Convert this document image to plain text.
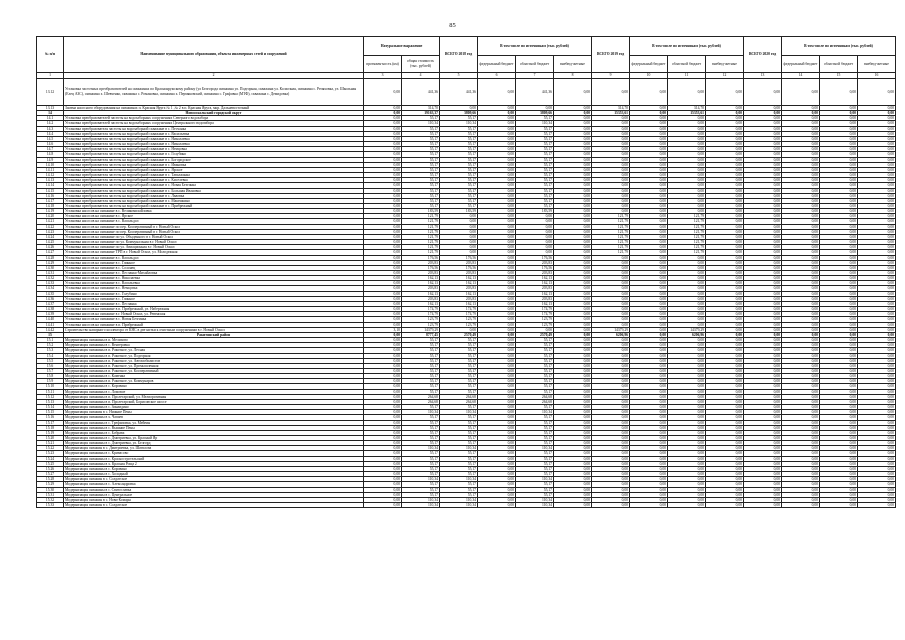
85
№ п/п	Наименование муниципального образования, объекта инженерных сетей и сооружений	Натуральное выражение		ВСЕГО 2018 год	В том числе по источникам (тыс. рублей)			ВСЕГО 2019 год	В том числе по источникам (тыс. рублей)			ВСЕГО 2020 год	В том числе по источникам (тыс. рублей)		
		протяжен-ность (км)	общая стоимость (тыс. рублей)		федеральный бюджет	областной бюджет	внебюд-жетные		федеральный бюджет	областной бюджет	внебюд-жетные		федеральный бюджет	областной бюджет	внебюд-жетные
1	2	3	4	5	6	7	8	9	10	11	12	13	14	15	16
13.12	Установка частотных преобразователей на скважинах по Краснояружскому району (ул Белгорода скважина ул. Подгорная, скважина ул. Колхозная, скважина с. Репяховка, ул. Школьная (Елец АЗС), скважина х. Шевченко, скважина с. Романовка, скважина х. Пермяковский, скважина с. Графовка (МТФ), скважина с. Демидовка)	0,00	441,36	441,36	0,00	441,36	0,00	0,00	0,00	0,00	0,00	0,00	0,00	0,00	0,00
13.13	Замена насосного оборудования на скважинах п. Красная Яруга № 1 ,№ 2 в п. Красная Яруга, мкр. Дальневосточный	0,00	314,70	0,00	0,00	0,00	0,00	314,70	0,00	314,70	0,00	0,00	0,00	0,00	0,00
14	Новооскольский городской округ	0,00	19163,37	3809,66	0,00	3809,66	0,00	15353,61	0,00	15353,61	0,00	0,00	0,00	0,00	0,00
14.1	Установка преобразователей частоты на водозаборных сооружениях Северного водозабора	0,00	55,17	55,17	0,00	55,17	0,00	0,00	0,00	0,00	0,00	0,00	0,00	0,00	0,00
14.2	Установка преобразователей частоты на водозаборных сооружениях Центрального водозабора	0,00	110,34	110,34	0,00	110,34	0,00	0,00	0,00	0,00	0,00	0,00	0,00	0,00	0,00
14.3	Установка преобразователя частоты на водозаборной скважине в с. Песчанка	0,00	55,17	55,17	0,00	55,17	0,00	0,00	0,00	0,00	0,00	0,00	0,00	0,00	0,00
14.4	Установка преобразователя частоты на водозаборной скважине в с. Васильевка	0,00	55,17	55,17	0,00	55,17	0,00	0,00	0,00	0,00	0,00	0,00	0,00	0,00	0,00
14.5	Установка преобразователя частоты на водозаборной скважине в с. Николаевка	0,00	55,17	55,17	0,00	55,17	0,00	0,00	0,00	0,00	0,00	0,00	0,00	0,00	0,00
14.6	Установка преобразователя частоты на водозаборной скважине в с. Николаевка	0,00	55,17	55,17	0,00	55,17	0,00	0,00	0,00	0,00	0,00	0,00	0,00	0,00	0,00
14.7	Установка преобразователя частоты на водозаборной скважине в с. Немцовка	0,00	55,17	55,17	0,00	55,17	0,00	0,00	0,00	0,00	0,00	0,00	0,00	0,00	0,00
14.8	Установка преобразователя частоты на водозаборной скважине в с. Голубино	0,00	55,17	55,17	0,00	55,17	0,00	0,00	0,00	0,00	0,00	0,00	0,00	0,00	0,00
14.9	Установка преобразователя частоты на водозаборной скважине в с. Богородское	0,00	55,17	55,17	0,00	55,17	0,00	0,00	0,00	0,00	0,00	0,00	0,00	0,00	0,00
14.10	Установка преобразователя частоты на водозаборной скважине в с. Ивановка	0,00	55,17	55,17	0,00	55,17	0,00	0,00	0,00	0,00	0,00	0,00	0,00	0,00	0,00
14.11	Установка преобразователя частоты на водозаборной скважине в с. Ярское	0,00	55,17	55,17	0,00	55,17	0,00	0,00	0,00	0,00	0,00	0,00	0,00	0,00	0,00
14.12	Установка преобразователя частоты на водозаборной скважине в с. Тавалжанка	0,00	55,17	55,17	0,00	55,17	0,00	0,00	0,00	0,00	0,00	0,00	0,00	0,00	0,00
14.13	Установка преобразователя частоты на водозаборной скважине в с. Киселевка	0,00	55,17	55,17	0,00	55,17	0,00	0,00	0,00	0,00	0,00	0,00	0,00	0,00	0,00
14.14	Установка преобразователя частоты на водозаборной скважине в с. Новая Безгинка	0,00	55,17	55,17	0,00	55,17	0,00	0,00	0,00	0,00	0,00	0,00	0,00	0,00	0,00
14.15	Установка преобразователя частоты на водозаборной скважине в с. Большая Ивановка	0,00	55,17	55,17	0,00	55,17	0,00	0,00	0,00	0,00	0,00	0,00	0,00	0,00	0,00
14.16	Установка преобразователя частоты на водозаборной скважине в с. Львовка	0,00	55,17	55,17	0,00	55,17	0,00	0,00	0,00	0,00	0,00	0,00	0,00	0,00	0,00
14.17	Установка преобразователя частоты на водозаборной скважине в с. Макешкино	0,00	55,17	55,17	0,00	55,17	0,00	0,00	0,00	0,00	0,00	0,00	0,00	0,00	0,00
14.18	Установка преобразователя частоты на водозаборной скважине в с. Прибрежный	0,00	55,17	55,17	0,00	55,17	0,00	0,00	0,00	0,00	0,00	0,00	0,00	0,00	0,00
14.19	Установка насосов на скважине в с. Великомихайловка	0,00	183,59	183,59	0,00	183,59	0,00	0,00	0,00	0,00	0,00	0,00	0,00	0,00	0,00
14.20	Установка насосов на скважине в с. Ярское	0,00	121,79	0,00	0,00	0,00	0,00	121,79	0,00	121,79	0,00	0,00	0,00	0,00	0,00
14.21	Установка насосов на скважине в с. Васильдол	0,00	121,79	0,00	0,00	0,00	0,00	121,79	0,00	121,79	0,00	0,00	0,00	0,00	0,00
14.22	Установка насосов на скважине по пер. Кооперативный в г. Новый Оскол	0,00	121,79	0,00	0,00	0,00	0,00	121,79	0,00	121,79	0,00	0,00	0,00	0,00	0,00
14.23	Установка насосов на скважине по пер. Кооперативный в г. Новый Оскол	0,00	121,79	0,00	0,00	0,00	0,00	121,79	0,00	121,79	0,00	0,00	0,00	0,00	0,00
14.24	Установка насосов на скважине по ул. Обыденного в г. Новый Оскол	0,00	121,79	0,00	0,00	0,00	0,00	121,79	0,00	121,79	0,00	0,00	0,00	0,00	0,00
14.25	Установка насосов на скважине по ул. Коммунальная в г. Новый Оскол	0,00	121,79	0,00	0,00	0,00	0,00	121,79	0,00	121,79	0,00	0,00	0,00	0,00	0,00
14.26	Установка насосов на скважине по ул. Авиационная в г. Новый Оскол	0,00	121,79	0,00	0,00	0,00	0,00	121,79	0,00	121,79	0,00	0,00	0,00	0,00	0,00
14.27	Установка насосов на скважине ТРП в г. Новый Оскол, ул. Молодежная	0,00	121,79	0,00	0,00	0,00	0,00	121,79	0,00	121,79	0,00	0,00	0,00	0,00	0,00
14.28	Установка насосов на скважине в с. Васильдол	0,00	176,56	176,56	0,00	176,56	0,00	0,00	0,00	0,00	0,00	0,00	0,00	0,00	0,00
14.29	Установка насосов на скважине в с. Глинное	0,00	203,83	203,83	0,00	203,83	0,00	0,00	0,00	0,00	0,00	0,00	0,00	0,00	0,00
14.30	Установка насосов на скважине в с. Солонец	0,00	176,56	176,56	0,00	176,56	0,00	0,00	0,00	0,00	0,00	0,00	0,00	0,00	0,00
14.31	Установка насосов на скважине в с. Песчанка-Михайловка	0,00	203,83	203,83	0,00	203,83	0,00	0,00	0,00	0,00	0,00	0,00	0,00	0,00	0,00
14.32	Установка насосов на скважине в с. Николаевка	0,00	162,13	162,13	0,00	162,13	0,00	0,00	0,00	0,00	0,00	0,00	0,00	0,00	0,00
14.33	Установка насосов на скважине в с. Васильевка	0,00	162,13	162,13	0,00	162,13	0,00	0,00	0,00	0,00	0,00	0,00	0,00	0,00	0,00
14.34	Установка насосов на скважине в с. Немцовка	0,00	203,83	203,83	0,00	203,83	0,00	0,00	0,00	0,00	0,00	0,00	0,00	0,00	0,00
14.35	Установка насосов на скважине в с. Голубино	0,00	162,13	162,13	0,00	162,13	0,00	0,00	0,00	0,00	0,00	0,00	0,00	0,00	0,00
14.36	Установка насосов на скважине в с. Глинное	0,00	203,83	203,83	0,00	203,83	0,00	0,00	0,00	0,00	0,00	0,00	0,00	0,00	0,00
14.37	Установка насосов на скважине в с. Песчанка	0,00	162,13	162,13	0,00	162,13	0,00	0,00	0,00	0,00	0,00	0,00	0,00	0,00	0,00
14.38	Установка насосов на скважине в п. Прибрежный, ул. Набережная	0,00	174,79	174,79	0,00	174,79	0,00	0,00	0,00	0,00	0,00	0,00	0,00	0,00	0,00
14.39	Установка насосов на скважине в г. Новый Оскол, ул. Ревенская	0,00	174,79	174,79	0,00	174,79	0,00	0,00	0,00	0,00	0,00	0,00	0,00	0,00	0,00
14.40	Установка насосов на скважине в с. Новая Безгинка	0,00	123,79	123,79	0,00	123,79	0,00	0,00	0,00	0,00	0,00	0,00	0,00	0,00	0,00
14.41	Установка насосов на скважине в п. Прибрежный	0,00	123,79	123,79	0,00	123,79	0,00	0,00	0,00	0,00	0,00	0,00	0,00	0,00	0,00
14.42	Строительство напорного коллектора от КНС в две нитки к очистным сооружениям в г. Новый Оскол	3,10	14379,29	0,00	0,00	0,00	0,00	14379,29	0,00	14379,29	0,00	0,00	0,00	0,00	0,00
15	Ракитянский район	0,00	8777,45	2570,49	0,00	2570,49	0,00	6206,96	0,00	6206,96	0,00	0,00	0,00	0,00	0,00
15.1	Модернизация скважины в п. Мелихово	0,00	55,17	55,17	0,00	55,17	0,00	0,00	0,00	0,00	0,00	0,00	0,00	0,00	0,00
15.2	Модернизация скважины в с. Венгеровка	0,00	55,17	55,17	0,00	55,17	0,00	0,00	0,00	0,00	0,00	0,00	0,00	0,00	0,00
15.3	Модернизация скважины в п. Ракитное, ул. Лесная	0,00	55,17	55,17	0,00	55,17	0,00	0,00	0,00	0,00	0,00	0,00	0,00	0,00	0,00
15.4	Модернизация скважины в п. Ракитное, ул. Подгорная	0,00	55,17	55,17	0,00	55,17	0,00	0,00	0,00	0,00	0,00	0,00	0,00	0,00	0,00
15.5	Модернизация скважины в п. Ракитное, ул. Автомобилистов	0,00	55,17	55,17	0,00	55,17	0,00	0,00	0,00	0,00	0,00	0,00	0,00	0,00	0,00
15.6	Модернизация скважины в п. Ракитное, ул. Промышленная	0,00	55,17	55,17	0,00	55,17	0,00	0,00	0,00	0,00	0,00	0,00	0,00	0,00	0,00
15.7	Модернизация скважины в п. Ракитное, ул. Кооперативный	0,00	55,17	55,17	0,00	55,17	0,00	0,00	0,00	0,00	0,00	0,00	0,00	0,00	0,00
15.8	Модернизация скважины в с. Каменка	0,00	55,17	55,17	0,00	55,17	0,00	0,00	0,00	0,00	0,00	0,00	0,00	0,00	0,00
15.9	Модернизация скважины в п. Ракитное, ул. Коммунаров	0,00	55,17	55,17	0,00	55,17	0,00	0,00	0,00	0,00	0,00	0,00	0,00	0,00	0,00
15.10	Модернизация скважины в с. Коровино	0,00	55,17	55,17	0,00	55,17	0,00	0,00	0,00	0,00	0,00	0,00	0,00	0,00	0,00
15.11	Модернизация скважины в с. Ломовое	0,00	55,17	55,17	0,00	55,17	0,00	0,00	0,00	0,00	0,00	0,00	0,00	0,00	0,00
15.12	Модернизация скважины в п. Пролетарский, ул. Мелиоративная	0,00	264,68	264,68	0,00	264,68	0,00	0,00	0,00	0,00	0,00	0,00	0,00	0,00	0,00
15.13	Модернизация скважины в п. Пролетарский, Борисовское шоссе	0,00	264,68	264,68	0,00	264,68	0,00	0,00	0,00	0,00	0,00	0,00	0,00	0,00	0,00
15.14	Модернизация скважины в с. Зинаидино	0,00	55,17	55,17	0,00	55,17	0,00	0,00	0,00	0,00	0,00	0,00	0,00	0,00	0,00
15.15	Модернизация скважин в с. Нижние Пены	0,00	110,34	110,34	0,00	110,34	0,00	0,00	0,00	0,00	0,00	0,00	0,00	0,00	0,00
15.16	Модернизация скважины в х. Чапаев	0,00	55,17	55,17	0,00	55,17	0,00	0,00	0,00	0,00	0,00	0,00	0,00	0,00	0,00
15.17	Модернизация скважины в с. Трефиловка, ул. Мейеин	0,00	55,17	55,17	0,00	55,17	0,00	0,00	0,00	0,00	0,00	0,00	0,00	0,00	0,00
15.18	Модернизация скважины в с. Вышние Пены	0,00	55,17	55,17	0,00	55,17	0,00	0,00	0,00	0,00	0,00	0,00	0,00	0,00	0,00
15.19	Модернизация скважины в с. Бобрава	0,00	55,17	55,17	0,00	55,17	0,00	0,00	0,00	0,00	0,00	0,00	0,00	0,00	0,00
15.20	Модернизация скважины в с. Дмитриевка, ул. Красный Яр	0,00	55,17	55,17	0,00	55,17	0,00	0,00	0,00	0,00	0,00	0,00	0,00	0,00	0,00
15.21	Модернизация скважины в с. Дмитриевка, ул. Белгорд	0,00	55,17	55,17	0,00	55,17	0,00	0,00	0,00	0,00	0,00	0,00	0,00	0,00	0,00
15.22	Модернизация скважин в с. Дмитриевка, ул. Шатилова	0,00	110,34	110,34	0,00	110,34	0,00	0,00	0,00	0,00	0,00	0,00	0,00	0,00	0,00
15.23	Модернизация скважины в с. Кривасово	0,00	55,17	55,17	0,00	55,17	0,00	0,00	0,00	0,00	0,00	0,00	0,00	0,00	0,00
15.24	Модернизация скважины в с. Красностротельский	0,00	55,17	55,17	0,00	55,17	0,00	0,00	0,00	0,00	0,00	0,00	0,00	0,00	0,00
15.25	Модернизация скважины в х. Красная Роща 2	0,00	55,17	55,17	0,00	55,17	0,00	0,00	0,00	0,00	0,00	0,00	0,00	0,00	0,00
15.26	Модернизация скважины в с. Коровино	0,00	55,17	55,17	0,00	55,17	0,00	0,00	0,00	0,00	0,00	0,00	0,00	0,00	0,00
15.27	Модернизация скважины в с. Холодный	0,00	55,17	55,17	0,00	55,17	0,00	0,00	0,00	0,00	0,00	0,00	0,00	0,00	0,00
15.28	Модернизация скважин в с. Солдатское	0,00	110,34	110,34	0,00	110,34	0,00	0,00	0,00	0,00	0,00	0,00	0,00	0,00	0,00
15.29	Модернизация скважины в с. Александровка	0,00	55,17	55,17	0,00	55,17	0,00	0,00	0,00	0,00	0,00	0,00	0,00	0,00	0,00
15.30	Модернизация скважины в с. Святославка	0,00	55,17	55,17	0,00	55,17	0,00	0,00	0,00	0,00	0,00	0,00	0,00	0,00	0,00
15.31	Модернизация скважины в с. Центральное	0,00	55,17	55,17	0,00	55,17	0,00	0,00	0,00	0,00	0,00	0,00	0,00	0,00	0,00
15.32	Модернизация скважин в с. Нови-Комары	0,00	110,34	110,34	0,00	110,34	0,00	0,00	0,00	0,00	0,00	0,00	0,00	0,00	0,00
15.33	Модернизация скважин в с. Солдатское	0,00	110,34	110,34	0,00	110,34	0,00	0,00	0,00	0,00	0,00	0,00	0,00	0,00	0,00
